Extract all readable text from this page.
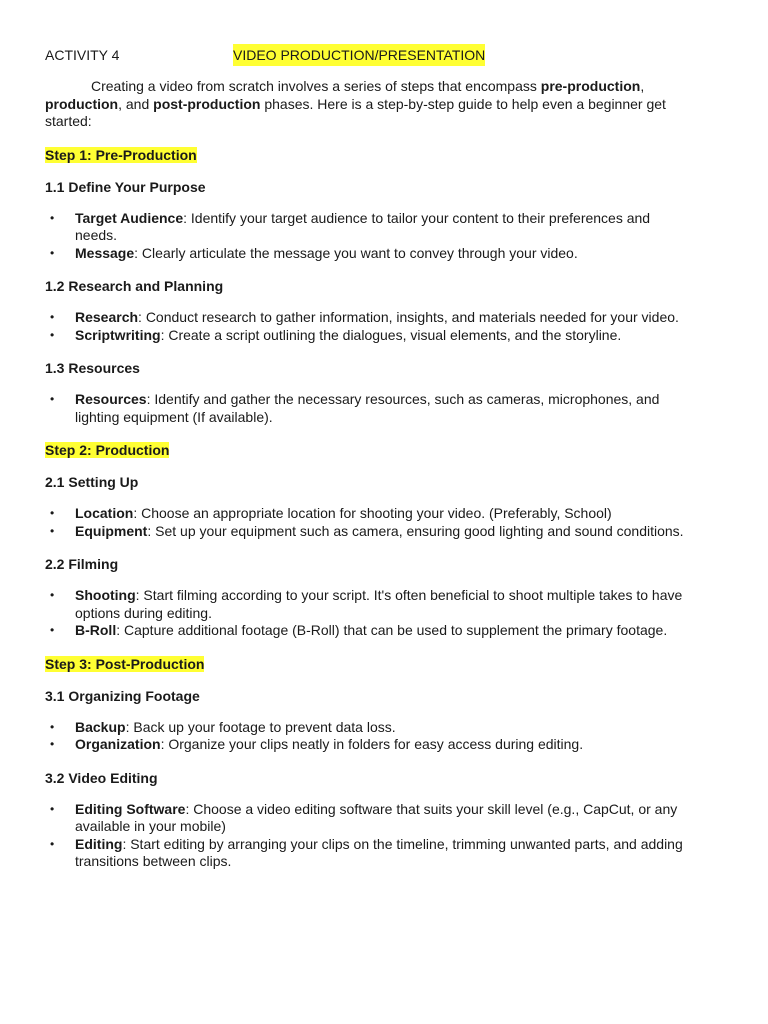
ACTIVITY 4	VIDEO PRODUCTION/PRESENTATION

Creating a video from scratch involves a series of steps that encompass pre-production, production, and post-production phases. Here is a step-by-step guide to help even a beginner get started:

Step 1: Pre-Production
1.1 Define Your Purpose
• Target Audience: Identify your target audience to tailor your content to their preferences and needs.
• Message: Clearly articulate the message you want to convey through your video.
1.2 Research and Planning
• Research: Conduct research to gather information, insights, and materials needed for your video.
• Scriptwriting: Create a script outlining the dialogues, visual elements, and the storyline.
1.3 Resources
• Resources: Identify and gather the necessary resources, such as cameras, microphones, and lighting equipment (If available).
Step 2: Production
2.1 Setting Up
• Location: Choose an appropriate location for shooting your video. (Preferably, School)
• Equipment: Set up your equipment such as camera, ensuring good lighting and sound conditions.
2.2 Filming
• Shooting: Start filming according to your script. It's often beneficial to shoot multiple takes to have options during editing.
• B-Roll: Capture additional footage (B-Roll) that can be used to supplement the primary footage.
Step 3: Post-Production
3.1 Organizing Footage
• Backup: Back up your footage to prevent data loss.
• Organization: Organize your clips neatly in folders for easy access during editing.
3.2 Video Editing
• Editing Software: Choose a video editing software that suits your skill level (e.g., CapCut, or any available in your mobile)
• Editing: Start editing by arranging your clips on the timeline, trimming unwanted parts, and adding transitions between clips.
